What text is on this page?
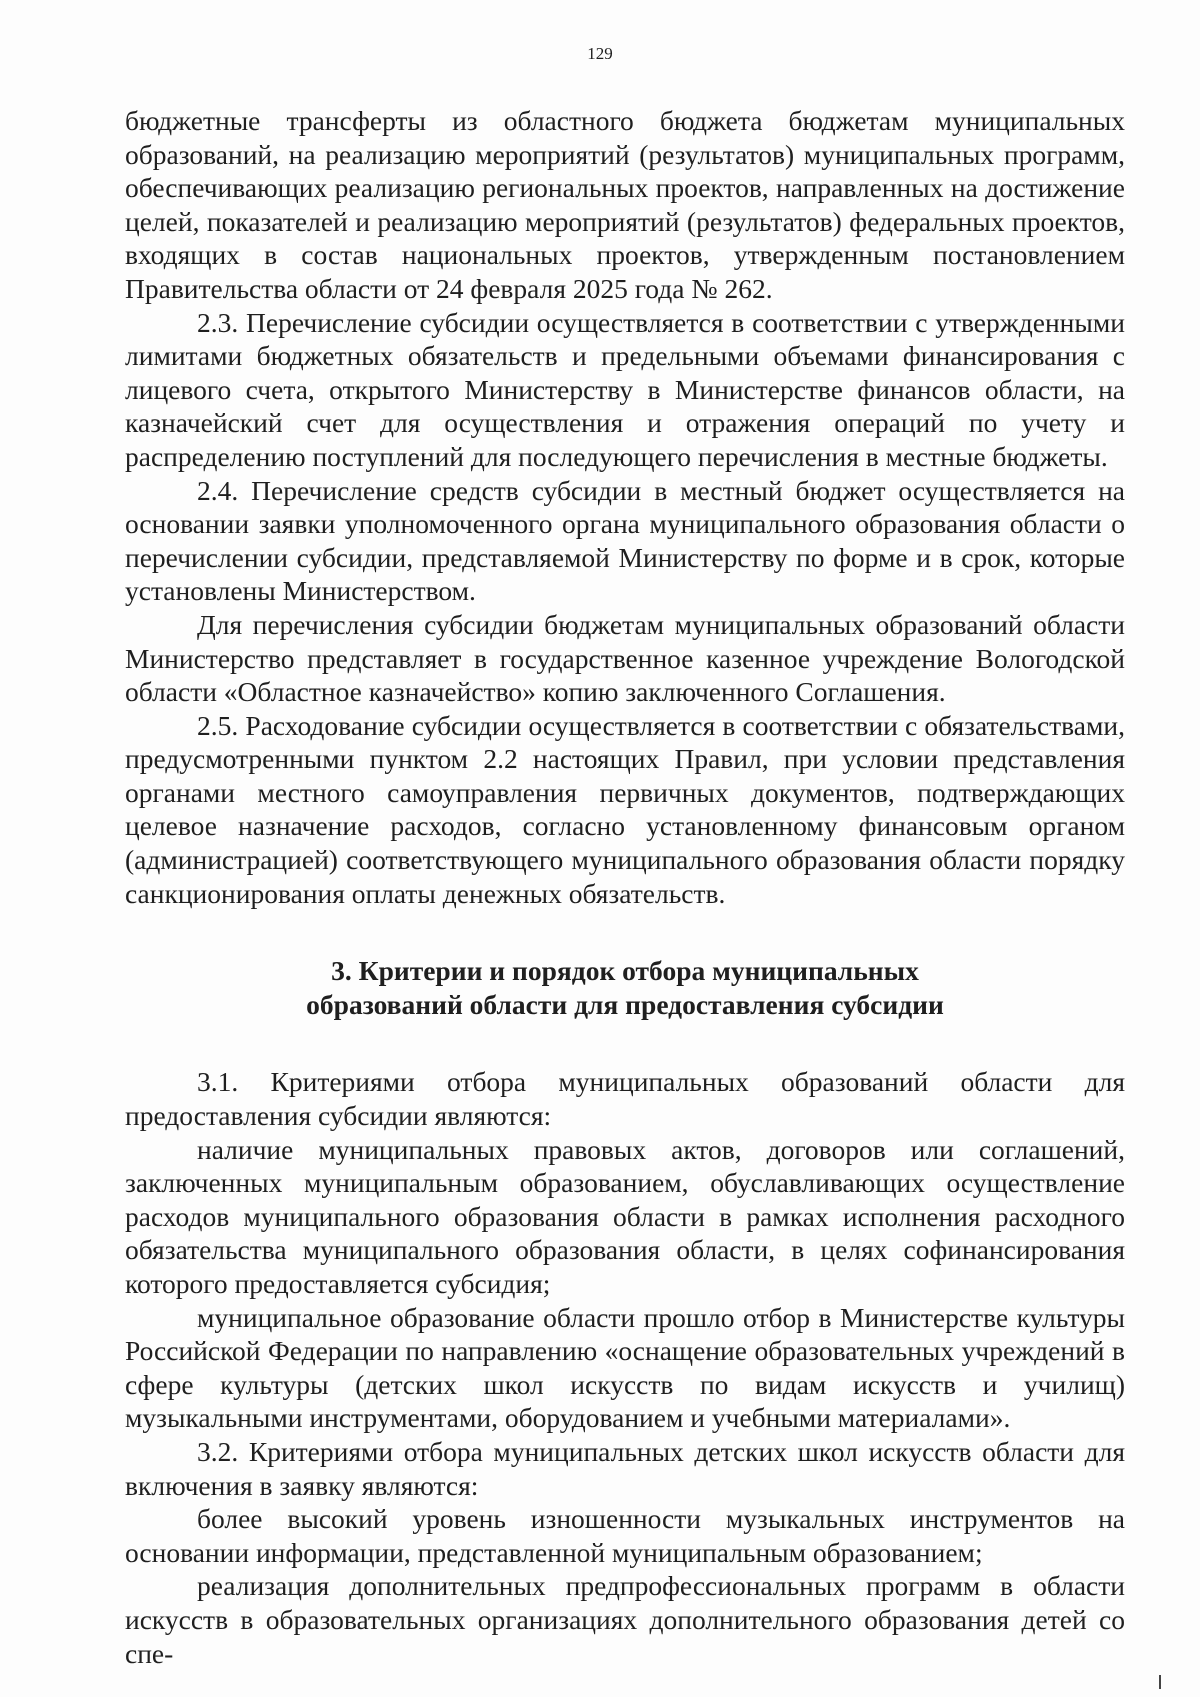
129

бюджетные трансферты из областного бюджета бюджетам муниципальных образований, на реализацию мероприятий (результатов) муниципальных программ, обеспечивающих реализацию региональных проектов, направленных на достижение целей, показателей и реализацию мероприятий (результатов) федеральных проектов, входящих в состав национальных проектов, утвержденным постановлением Правительства области от 24 февраля 2025 года № 262.

2.3. Перечисление субсидии осуществляется в соответствии с утвержденными лимитами бюджетных обязательств и предельными объемами финансирования с лицевого счета, открытого Министерству в Министерстве финансов области, на казначейский счет для осуществления и отражения операций по учету и распределению поступлений для последующего перечисления в местные бюджеты.

2.4. Перечисление средств субсидии в местный бюджет осуществляется на основании заявки уполномоченного органа муниципального образования области о перечислении субсидии, представляемой Министерству по форме и в срок, которые установлены Министерством.

Для перечисления субсидии бюджетам муниципальных образований области Министерство представляет в государственное казенное учреждение Вологодской области «Областное казначейство» копию заключенного Соглашения.

2.5. Расходование субсидии осуществляется в соответствии с обязательствами, предусмотренными пунктом 2.2 настоящих Правил, при условии представления органами местного самоуправления первичных документов, подтверждающих целевое назначение расходов, согласно установленному финансовым органом (администрацией) соответствующего муниципального образования области порядку санкционирования оплаты денежных обязательств.

3. Критерии и порядок отбора муниципальных
образований области для предоставления субсидии

3.1. Критериями отбора муниципальных образований области для предоставления субсидии являются:

наличие муниципальных правовых актов, договоров или соглашений, заключенных муниципальным образованием, обуславливающих осуществление расходов муниципального образования области в рамках исполнения расходного обязательства муниципального образования области, в целях софинансирования которого предоставляется субсидия;

муниципальное образование области прошло отбор в Министерстве культуры Российской Федерации по направлению «оснащение образовательных учреждений в сфере культуры (детских школ искусств по видам искусств и училищ) музыкальными инструментами, оборудованием и учебными материалами».

3.2. Критериями отбора муниципальных детских школ искусств области для включения в заявку являются:

более высокий уровень изношенности музыкальных инструментов на основании информации, представленной муниципальным образованием;

реализация дополнительных предпрофессиональных программ в области искусств в образовательных организациях дополнительного образования детей со спе-
